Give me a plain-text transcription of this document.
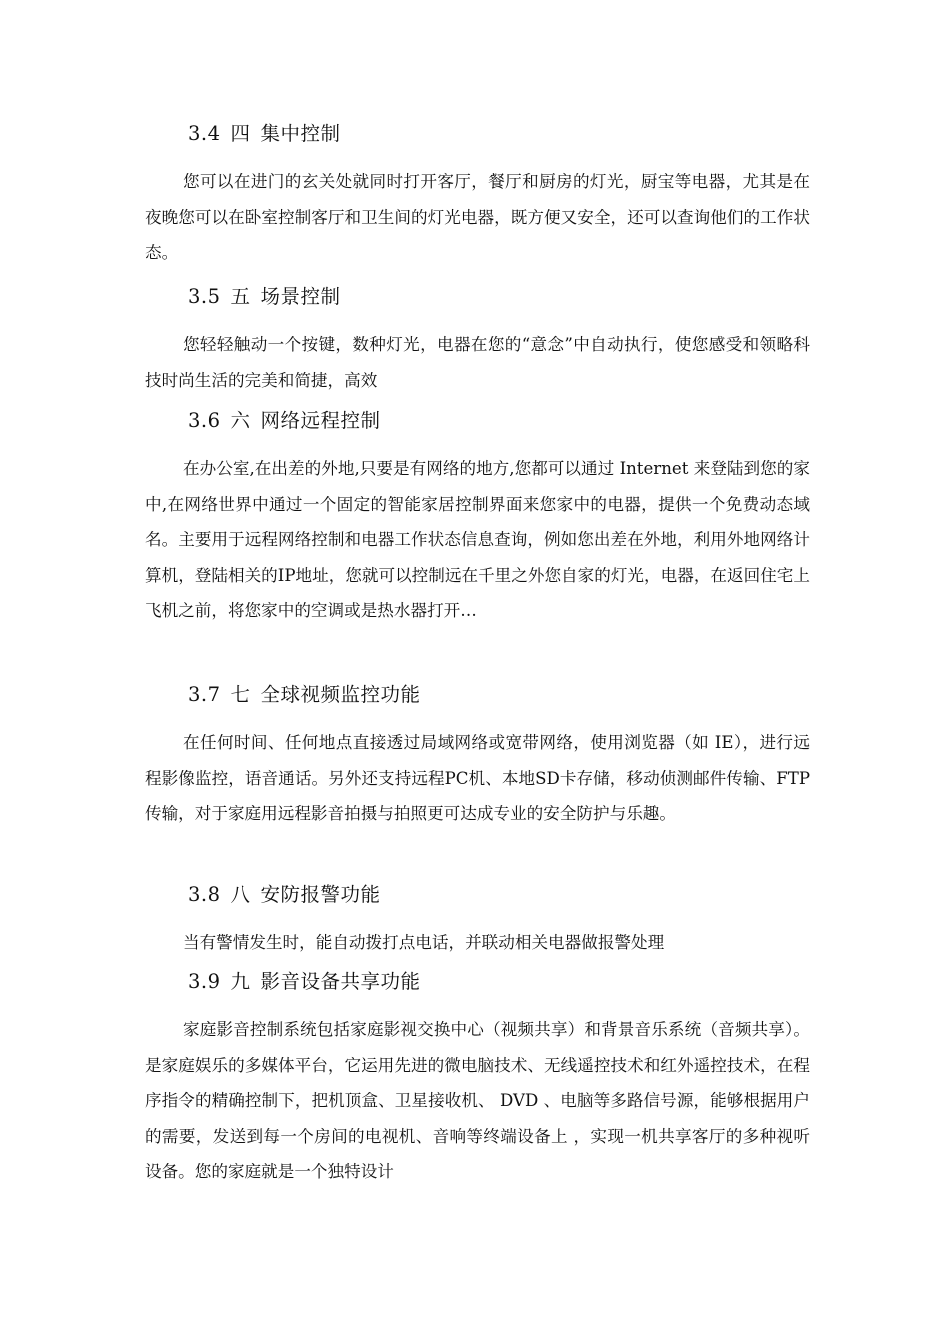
3.4 四 集中控制

您可以在进门的玄关处就同时打开客厅，餐厅和厨房的灯光，厨宝等电器，尤其是在夜晚您可以在卧室控制客厅和卫生间的灯光电器，既方便又安全，还可以查询他们的工作状态。

3.5 五 场景控制

您轻轻触动一个按键，数种灯光，电器在您的“意念”中自动执行，使您感受和领略科技时尚生活的完美和简捷，高效

3.6 六 网络远程控制

在办公室,在出差的外地,只要是有网络的地方,您都可以通过 Internet 来登陆到您的家中,在网络世界中通过一个固定的智能家居控制界面来您家中的电器，提供一个免费动态域名。主要用于远程网络控制和电器工作状态信息查询，例如您出差在外地，利用外地网络计算机，登陆相关的IP地址，您就可以控制远在千里之外您自家的灯光，电器，在返回住宅上飞机之前，将您家中的空调或是热水器打开…

3.7 七 全球视频监控功能

在任何时间、任何地点直接透过局域网络或宽带网络，使用浏览器（如 IE），进行远程影像监控，语音通话。另外还支持远程PC机、本地SD卡存储，移动侦测邮件传输、FTP传输，对于家庭用远程影音拍摄与拍照更可达成专业的安全防护与乐趣。

3.8 八 安防报警功能

当有警情发生时，能自动拨打点电话，并联动相关电器做报警处理

3.9 九 影音设备共享功能

家庭影音控制系统包括家庭影视交换中心（视频共享）和背景音乐系统（音频共享）。是家庭娱乐的多媒体平台，它运用先进的微电脑技术、无线遥控技术和红外遥控技术，在程序指令的精确控制下，把机顶盒、卫星接收机、 DVD 、电脑等多路信号源，能够根据用户的需要，发送到每一个房间的电视机、音响等终端设备上 ，实现一机共享客厅的多种视听设备。您的家庭就是一个独特设计
